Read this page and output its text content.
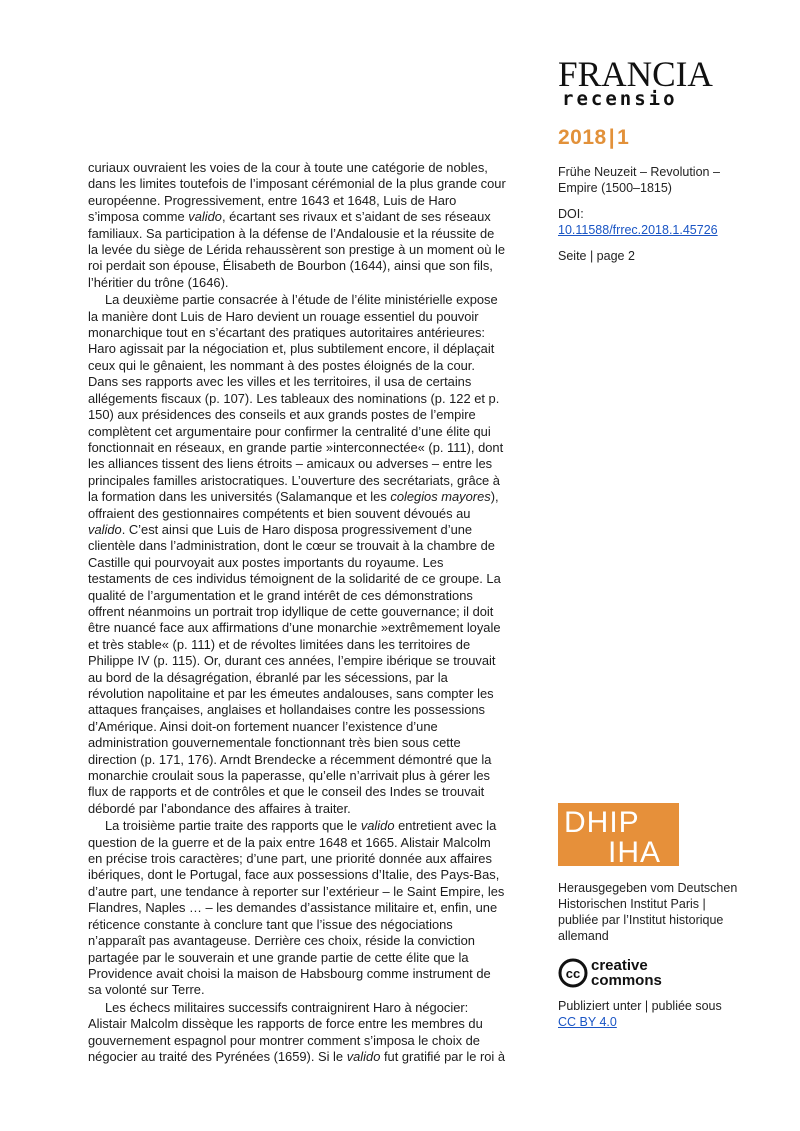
FRANCIA
recensio
2018|1

Frühe Neuzeit – Revolution – Empire (1500–1815)

DOI:
10.11588/frrec.2018.1.45726

Seite | page 2

curiaux ouvraient les voies de la cour à toute une catégorie de nobles, dans les limites toutefois de l’imposant cérémonial de la plus grande cour européenne. Progressivement, entre 1643 et 1648, Luis de Haro s’imposa comme valido, écartant ses rivaux et s’aidant de ses réseaux familiaux. Sa participation à la défense de l’Andalousie et la réussite de la levée du siège de Lérida rehaussèrent son prestige à un moment où le roi perdait son épouse, Élisabeth de Bourbon (1644), ainsi que son fils, l’héritier du trône (1646).

La deuxième partie consacrée à l’étude de l’élite ministérielle expose la manière dont Luis de Haro devient un rouage essentiel du pouvoir monarchique tout en s’écartant des pratiques autoritaires antérieures: Haro agissait par la négociation et, plus subtilement encore, il déplaçait ceux qui le gênaient, les nommant à des postes éloignés de la cour. Dans ses rapports avec les villes et les territoires, il usa de certains allégements fiscaux (p. 107). Les tableaux des nominations (p. 122 et p. 150) aux présidences des conseils et aux grands postes de l’empire complètent cet argumentaire pour confirmer la centralité d’une élite qui fonctionnait en réseaux, en grande partie »interconnectée« (p. 111), dont les alliances tissent des liens étroits – amicaux ou adverses – entre les principales familles aristocratiques. L’ouverture des secrétariats, grâce à la formation dans les universités (Salamanque et les colegios mayores), offraient des gestionnaires compétents et bien souvent dévoués au valido. C’est ainsi que Luis de Haro disposa progressivement d’une clientèle dans l’administration, dont le cœur se trouvait à la chambre de Castille qui pourvoyait aux postes importants du royaume. Les testaments de ces individus témoignent de la solidarité de ce groupe. La qualité de l’argumentation et le grand intérêt de ces démonstrations offrent néanmoins un portrait trop idyllique de cette gouvernance; il doit être nuancé face aux affirmations d’une monarchie »extrêmement loyale et très stable« (p. 111) et de révoltes limitées dans les territoires de Philippe IV (p. 115). Or, durant ces années, l’empire ibérique se trouvait au bord de la désagrégation, ébranlé par les sécessions, par la révolution napolitaine et par les émeutes andalouses, sans compter les attaques françaises, anglaises et hollandaises contre les possessions d’Amérique. Ainsi doit-on fortement nuancer l’existence d’une administration gouvernementale fonctionnant très bien sous cette direction (p. 171, 176). Arndt Brendecke a récemment démontré que la monarchie croulait sous la paperasse, qu’elle n’arrivait plus à gérer les flux de rapports et de contrôles et que le conseil des Indes se trouvait débordé par l’abondance des affaires à traiter.

La troisième partie traite des rapports que le valido entretient avec la question de la guerre et de la paix entre 1648 et 1665. Alistair Malcolm en précise trois caractères; d’une part, une priorité donnée aux affaires ibériques, dont le Portugal, face aux possessions d’Italie, des Pays-Bas, d’autre part, une tendance à reporter sur l’extérieur – le Saint Empire, les Flandres, Naples … – les demandes d’assistance militaire et, enfin, une réticence constante à conclure tant que l’issue des négociations n’apparaît pas avantageuse. Derrière ces choix, réside la conviction partagée par le souverain et une grande partie de cette élite que la Providence avait choisi la maison de Habsbourg comme instrument de sa volonté sur Terre.

Les échecs militaires successifs contraignirent Haro à négocier: Alistair Malcolm dissèque les rapports de force entre les membres du gouvernement espagnol pour montrer comment s’imposa le choix de négocier au traité des Pyrénées (1659). Si le valido fut gratifié par le roi à

DHIP
IHA
Herausgegeben vom Deutschen Historischen Institut Paris | publiée par l’Institut historique allemand
cc creative
commons
Publiziert unter | publiée sous
CC BY 4.0
